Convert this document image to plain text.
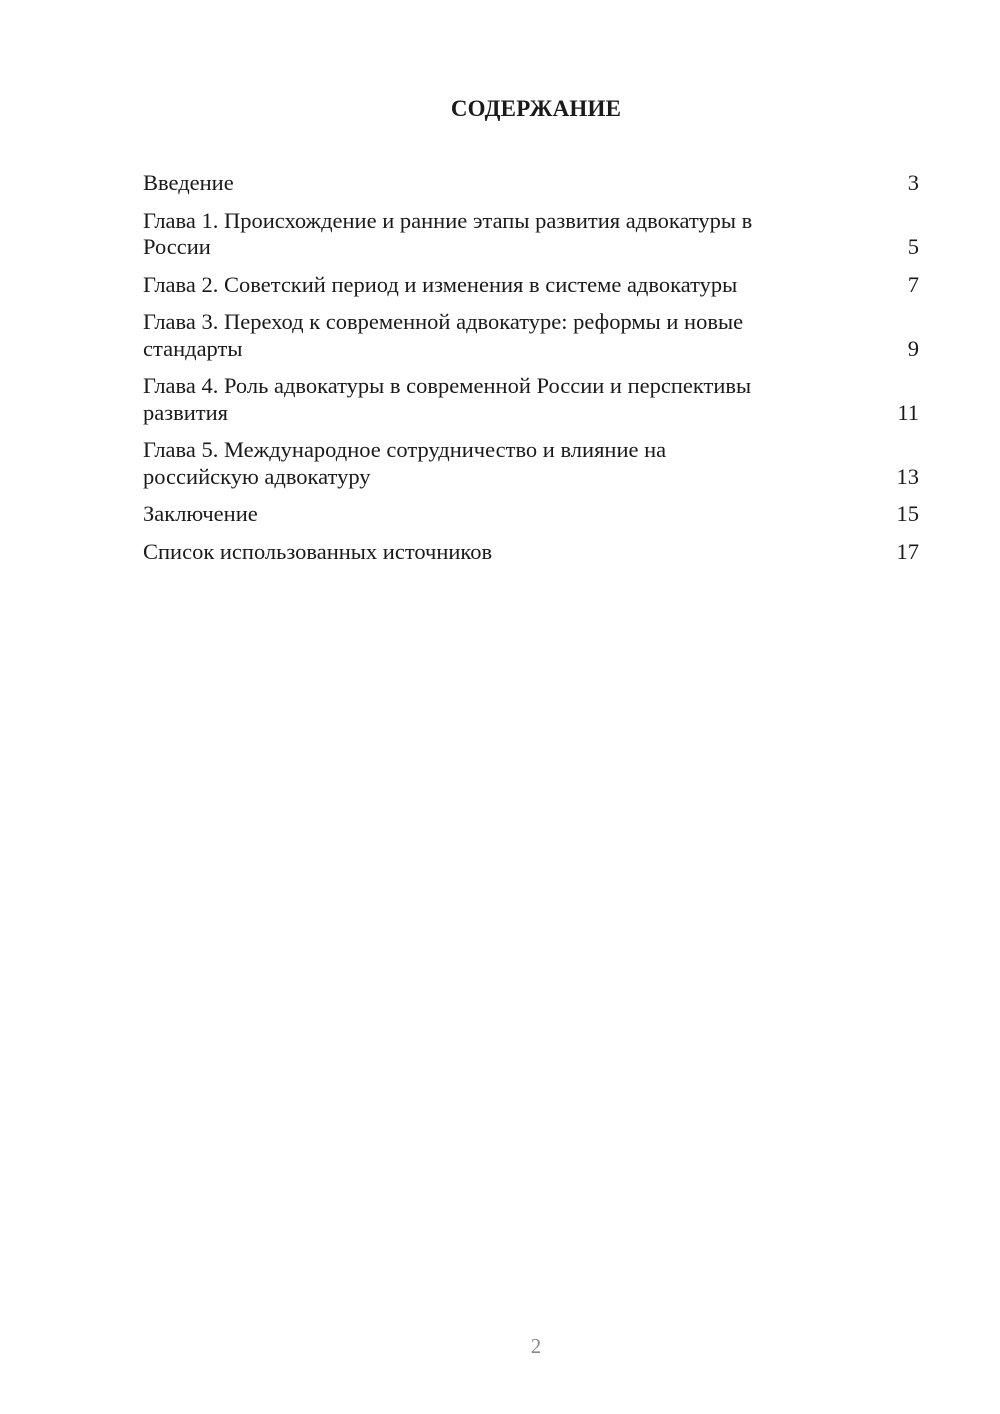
СОДЕРЖАНИЕ
Введение	3
Глава 1. Происхождение и ранние этапы развития адвокатуры в
России	5
Глава 2. Советский период и изменения в системе адвокатуры	7
Глава 3. Переход к современной адвокатуре: реформы и новые
стандарты	9
Глава 4. Роль адвокатуры в современной России и перспективы
развития	11
Глава 5. Международное сотрудничество и влияние на
российскую адвокатуру	13
Заключение	15
Список использованных источников	17
2
